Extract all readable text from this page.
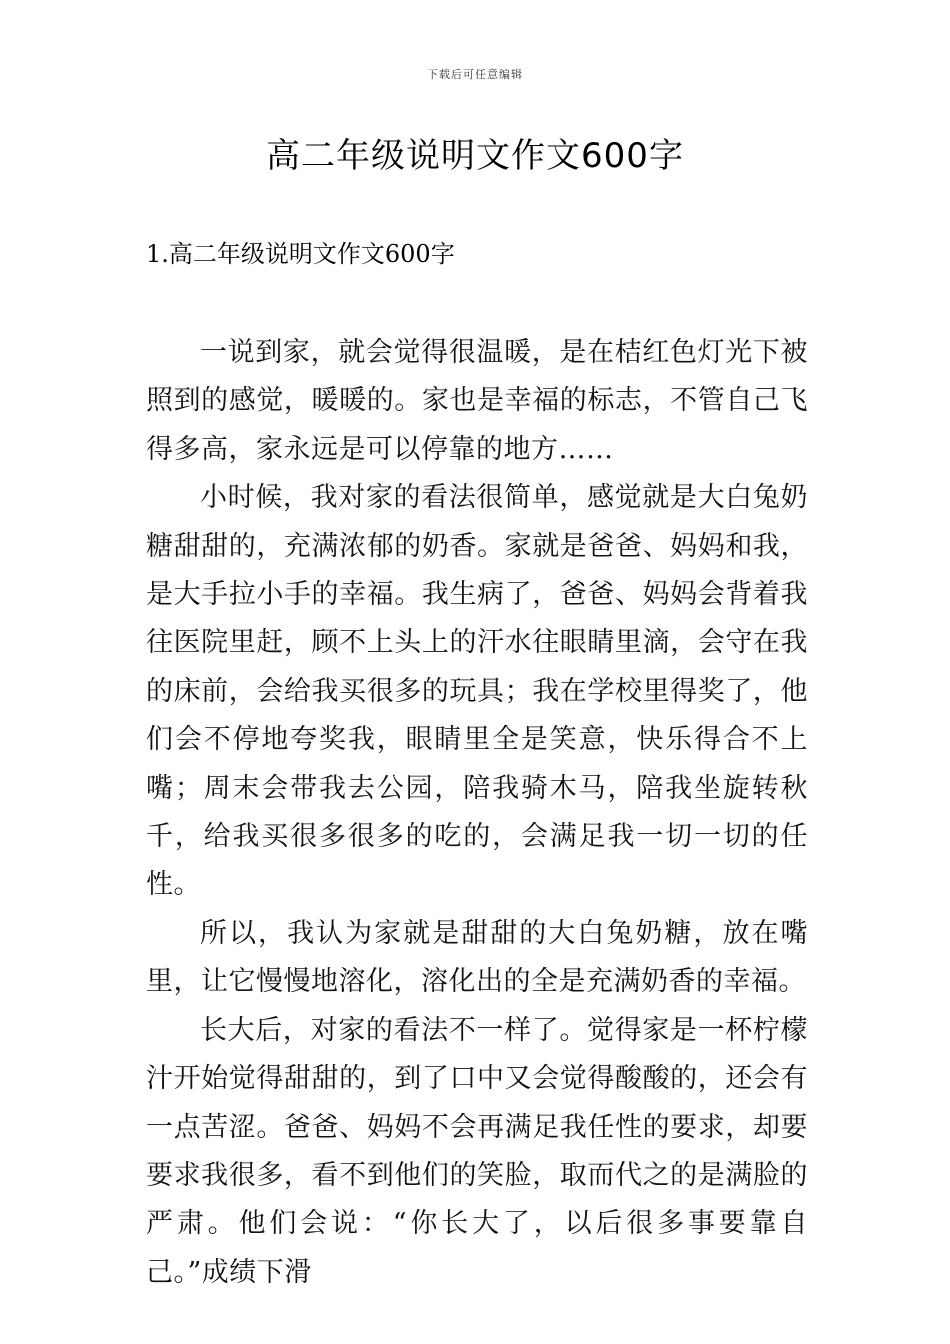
下载后可任意编辑
高二年级说明文作文600字
1.高二年级说明文作文600字

一说到家，就会觉得很温暖，是在桔红色灯光下被照到的感觉，暖暖的。家也是幸福的标志，不管自己飞得多高，家永远是可以停靠的地方……

小时候，我对家的看法很简单，感觉就是大白兔奶糖甜甜的，充满浓郁的奶香。家就是爸爸、妈妈和我，是大手拉小手的幸福。我生病了，爸爸、妈妈会背着我往医院里赶，顾不上头上的汗水往眼睛里滴，会守在我的床前，会给我买很多的玩具；我在学校里得奖了，他们会不停地夸奖我，眼睛里全是笑意，快乐得合不上嘴；周末会带我去公园，陪我骑木马，陪我坐旋转秋千，给我买很多很多的吃的，会满足我一切一切的任性。

所以，我认为家就是甜甜的大白兔奶糖，放在嘴里，让它慢慢地溶化，溶化出的全是充满奶香的幸福。

长大后，对家的看法不一样了。觉得家是一杯柠檬汁开始觉得甜甜的，到了口中又会觉得酸酸的，还会有一点苦涩。爸爸、妈妈不会再满足我任性的要求，却要要求我很多，看不到他们的笑脸，取而代之的是满脸的严肃。他们会说：“你长大了，以后很多事要靠自己。”成绩下滑
